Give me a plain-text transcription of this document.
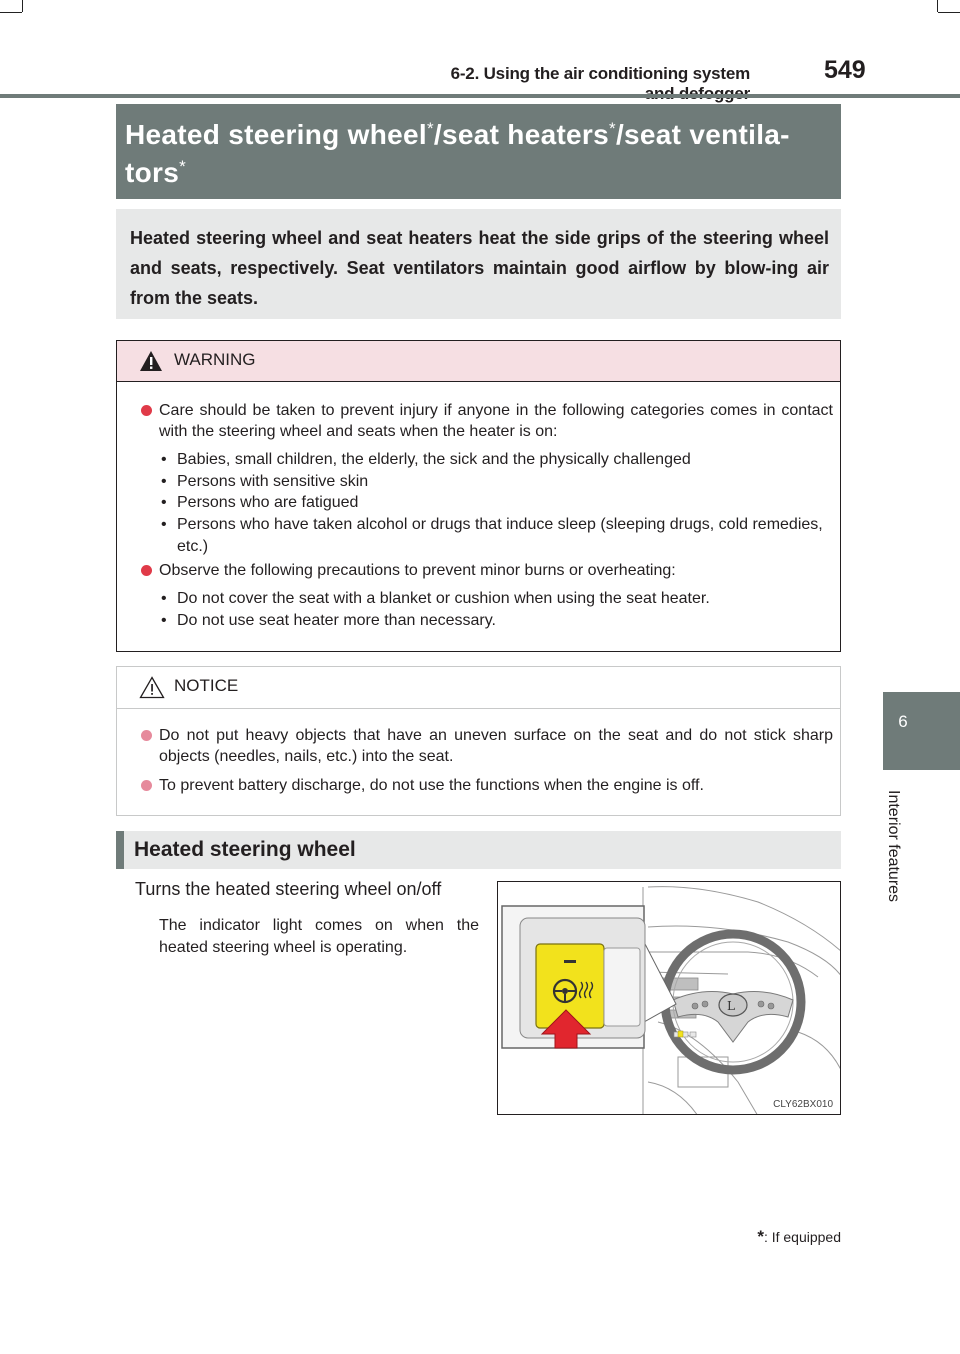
6-2. Using the air conditioning system	549
6
Interior features
Heated steering wheel*/seat heaters*/seat ventila-
tors*
Heated steering wheel and seat heaters heat the side grips of the steering wheel and seats, respectively. Seat ventilators maintain good airflow by blow-ing air from the seats.
WARNING
Care should be taken to prevent injury if anyone in the following categories comes in contact with the steering wheel and seats when the heater is on:
• Babies, small children, the elderly, the sick and the physically challenged
• Persons with sensitive skin
• Persons who are fatigued
• Persons who have taken alcohol or drugs that induce sleep (sleeping drugs, cold remedies, etc.)
Observe the following precautions to prevent minor burns or overheating:
• Do not cover the seat with a blanket or cushion when using the seat heater.
• Do not use seat heater more than necessary.
NOTICE
Do not put heavy objects that have an uneven surface on the seat and do not stick sharp objects (needles, nails, etc.) into the seat.
To prevent battery discharge, do not use the functions when the engine is off.
Heated steering wheel
Turns the heated steering wheel on/off
The indicator light comes on when the heated steering wheel is operating.
L
CLY62BX010
*: If equipped
